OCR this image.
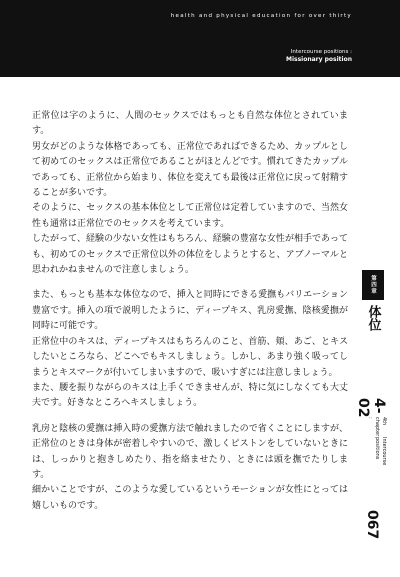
health and physical education for over thirty
Intercourse positions :
Missionary position

正常位は字のように、人間のセックスではもっとも自然な体位とされています。

男女がどのような体格であっても、正常位であればできるため、カップルとして初めてのセックスは正常位であることがほとんどです。慣れてきたカップルであっても、正常位から始まり、体位を変えても最後は正常位に戻って射精することが多いです。

そのように、セックスの基本体位として正常位は定着していますので、当然女性も通常は正常位でのセックスを考えています。

したがって、経験の少ない女性はもちろん、経験の豊富な女性が相手であっても、初めてのセックスで正常位以外の体位をしようとすると、アブノーマルと思われかねませんので注意しましょう。

また、もっとも基本な体位なので、挿入と同時にできる愛撫もバリエーション豊富です。挿入の項で説明したように、ディープキス、乳房愛撫、陰核愛撫が同時に可能です。

正常位中のキスは、ディープキスはもちろんのこと、首筋、頬、あご、とキスしたいところなら、どこへでもキスしましょう。しかし、あまり強く吸ってしまうとキスマークが付いてしまいますので、吸いすぎには注意しましょう。

また、腰を振りながらのキスは上手くできませんが、特に気にしなくても大丈夫です。好きなところへキスしましょう。

乳房と陰核の愛撫は挿入時の愛撫方法で触れましたので省くことにしますが、正常位のときは身体が密着しやすいので、激しくピストンをしていないときには、しっかりと抱きしめたり、指を絡ませたり、ときには頭を撫でたりします。

細かいことですが、このような愛しているというモーションが女性にとっては嬉しいものです。

第四章
体位
4-02
4th chapter :
Intercourse positions
067
